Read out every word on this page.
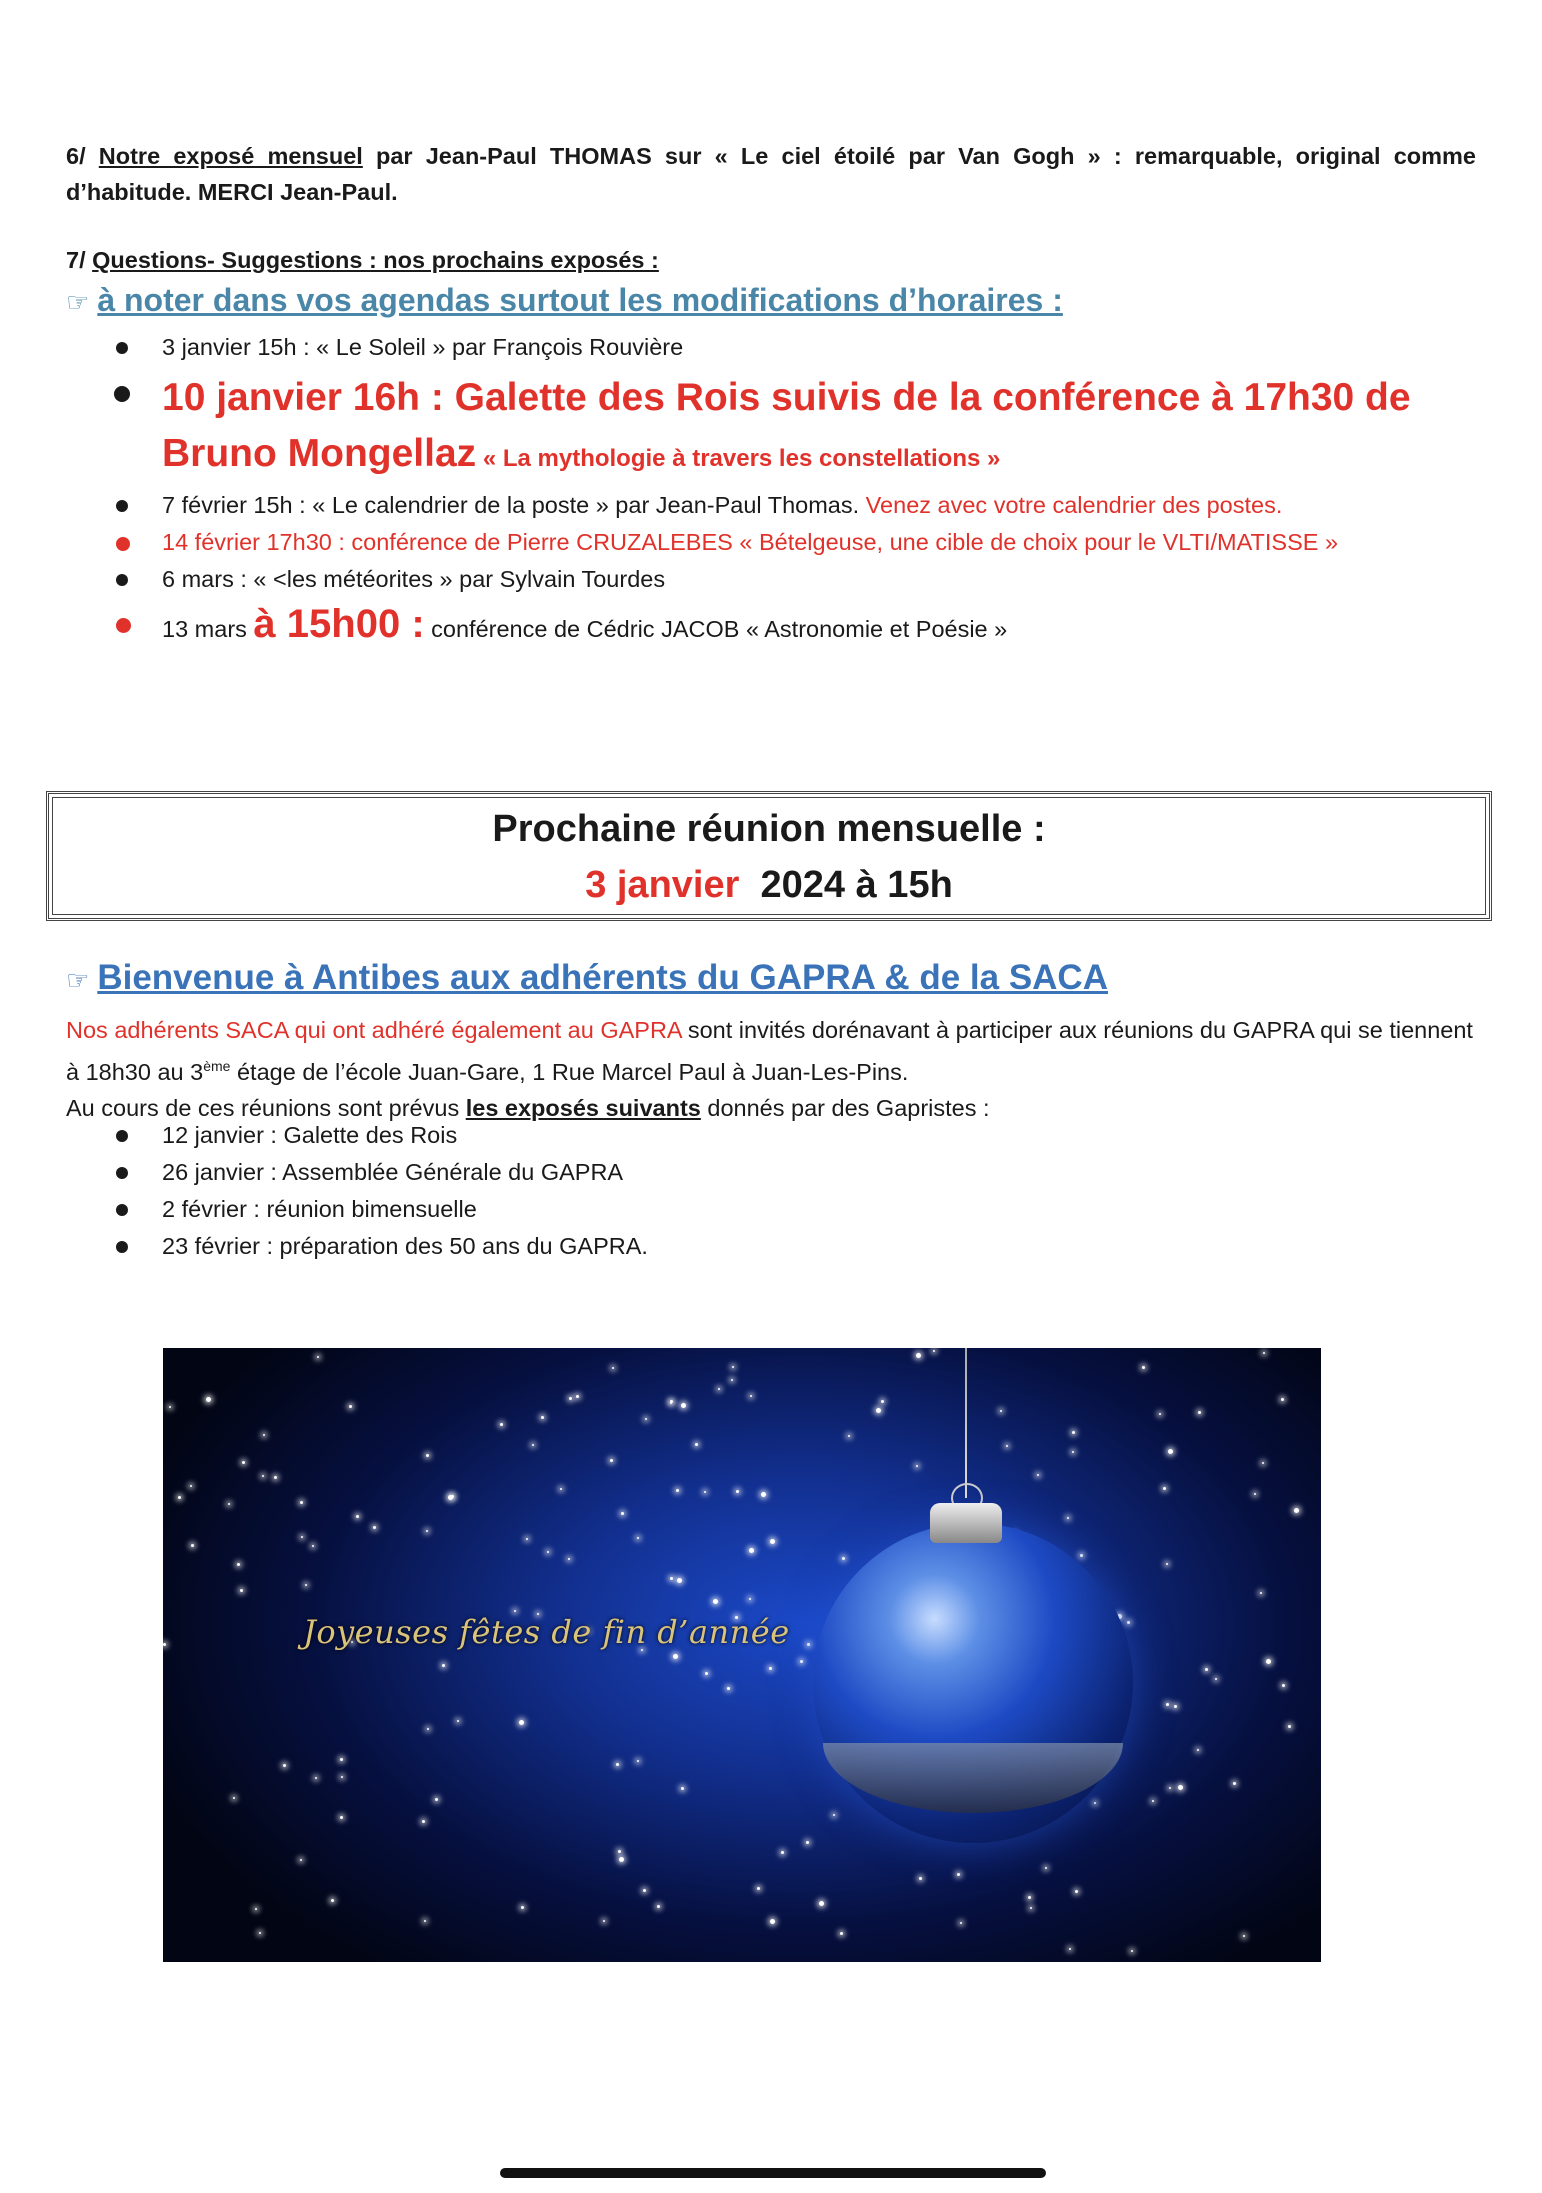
6/ Notre exposé mensuel par Jean-Paul THOMAS sur « Le ciel étoilé par Van Gogh » : remarquable, original comme d’habitude. MERCI Jean-Paul.
7/ Questions- Suggestions : nos prochains exposés :
☞ à noter dans vos agendas surtout les modifications d’horaires :
3 janvier 15h : « Le Soleil » par François Rouvière
10 janvier 16h : Galette des Rois suivis de la conférence à 17h30 de Bruno Mongellaz « La mythologie à travers les constellations »
7 février 15h : « Le calendrier de la poste » par Jean-Paul Thomas. Venez avec votre calendrier des postes.
14 février 17h30 : conférence de Pierre CRUZALEBES « Bételgeuse, une cible de choix pour le VLTI/MATISSE »
6 mars : « <les météorites » par Sylvain Tourdes
13 mars à 15h00 : conférence de Cédric JACOB « Astronomie et Poésie »
Prochaine réunion mensuelle :
3 janvier  2024 à 15h
☞ Bienvenue à Antibes aux adhérents du GAPRA & de la SACA
Nos adhérents SACA qui ont adhéré également au GAPRA sont invités dorénavant à participer aux réunions du GAPRA qui se tiennent à 18h30 au 3ème étage de l’école Juan-Gare, 1 Rue Marcel Paul à Juan-Les-Pins.
Au cours de ces réunions sont prévus les exposés suivants donnés par des Gapristes :
12 janvier : Galette des Rois
26 janvier : Assemblée Générale du GAPRA
2 février : réunion bimensuelle
23 février : préparation des 50 ans du GAPRA.
Joyeuses fêtes de fin d’année
